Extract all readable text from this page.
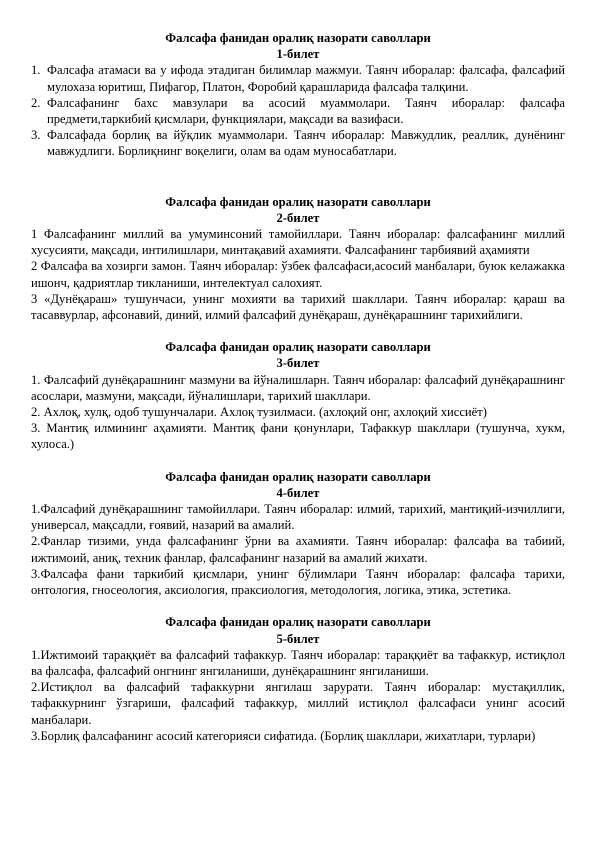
Фалсафа фанидан оралиқ назорати саволлари
1-билет
1. Фалсафа атамаси ва у ифода этадиган билимлар мажмуи. Таянч иборалар: фалсафа, фалсафий мулохаза юритиш, Пифагор, Платон, Форобий қарашларида фалсафа талқини.
2. Фалсафанинг бахс мавзулари ва асосий муаммолари. Таянч иборалар: фалсафа предмети,таркибий қисмлари, функциялари, мақсади ва вазифаси.
3. Фалсафада борлиқ ва йўқлик муаммолари. Таянч иборалар: Мавжудлик, реаллик, дунёнинг мавжудлиги. Борлиқнинг воқелиги, олам ва одам муносабатлари.
Фалсафа фанидан оралиқ назорати саволлари
2-билет
1 Фалсафанинг миллий ва умуминсоний тамойиллари. Таянч иборалар: фалсафанинг миллий хусусияти, мақсади, интилишлари, минтақавий ахамияти. Фалсафанинг тарбиявий аҳамияти
2 Фалсафа ва хозирги замон. Таянч иборалар: ўзбек фалсафаси,асосий манбалари, буюк келажакка ишонч, қадриятлар тикланиши, интелектуал салохият.
3 «Дунёқараш» тушунчаси, унинг мохияти ва тарихий шакллари. Таянч иборалар: қараш ва тасаввурлар, афсонавий, диний, илмий фалсафий дунёқараш, дунёқарашнинг тарихийлиги.
Фалсафа фанидан оралиқ назорати саволлари
3-билет
1. Фалсафий дунёқарашнинг мазмуни ва йўналишларн. Таянч иборалар: фалсафий дунёқарашнинг асослари, мазмуни, мақсади, йўналишлари, тарихий шакллари.
2. Ахлоқ, хулқ, одоб тушунчалари. Ахлоқ тузилмаси. (ахлоқий онг, ахлоқий хиссиёт)
3. Мантиқ илмининг аҳамияти. Мантиқ фани қонунлари, Тафаккур шакллари (тушунча, хукм, хулоса.)
Фалсафа фанидан оралиқ назорати саволлари
4-билет
1.Фалсафий дунёқарашнинг тамойиллари. Таянч иборалар: илмий, тарихий, мантиқий-изчиллиги, универсал, мақсадли, ғоявий, назарий ва амалий.
2.Фанлар тизими, унда фалсафанинг ўрни ва ахамияти. Таянч иборалар: фалсафа ва табиий, ижтимоий, аниқ, техник фанлар, фалсафанинг назарий ва амалий жихати.
3.Фалсафа фани таркибий қисмлари, унинг бўлимлари Таянч иборалар: фалсафа тарихи, онтология, гносеология, аксиология, праксиология, методология, логика, этика, эстетика.
Фалсафа фанидан оралиқ назорати саволлари
5-билет
1.Ижтимоий тараққиёт ва фалсафий тафаккур. Таянч иборалар: тараққиёт ва тафаккур, истиқлол ва фалсафа, фалсафий онгнинг янгиланиши, дунёқарашнинг янгиланиши.
2.Истиқлол ва фалсафий тафаккурни янгилаш зарурати. Таянч иборалар: мустақиллик, тафаккурнинг ўзгариши, фалсафий тафаккур, миллий истиқлол фалсафаси унинг асосий манбалари.
3.Борлиқ фалсафанинг асосий категорияси сифатида. (Борлиқ шакллари, жихатлари, турлари)
